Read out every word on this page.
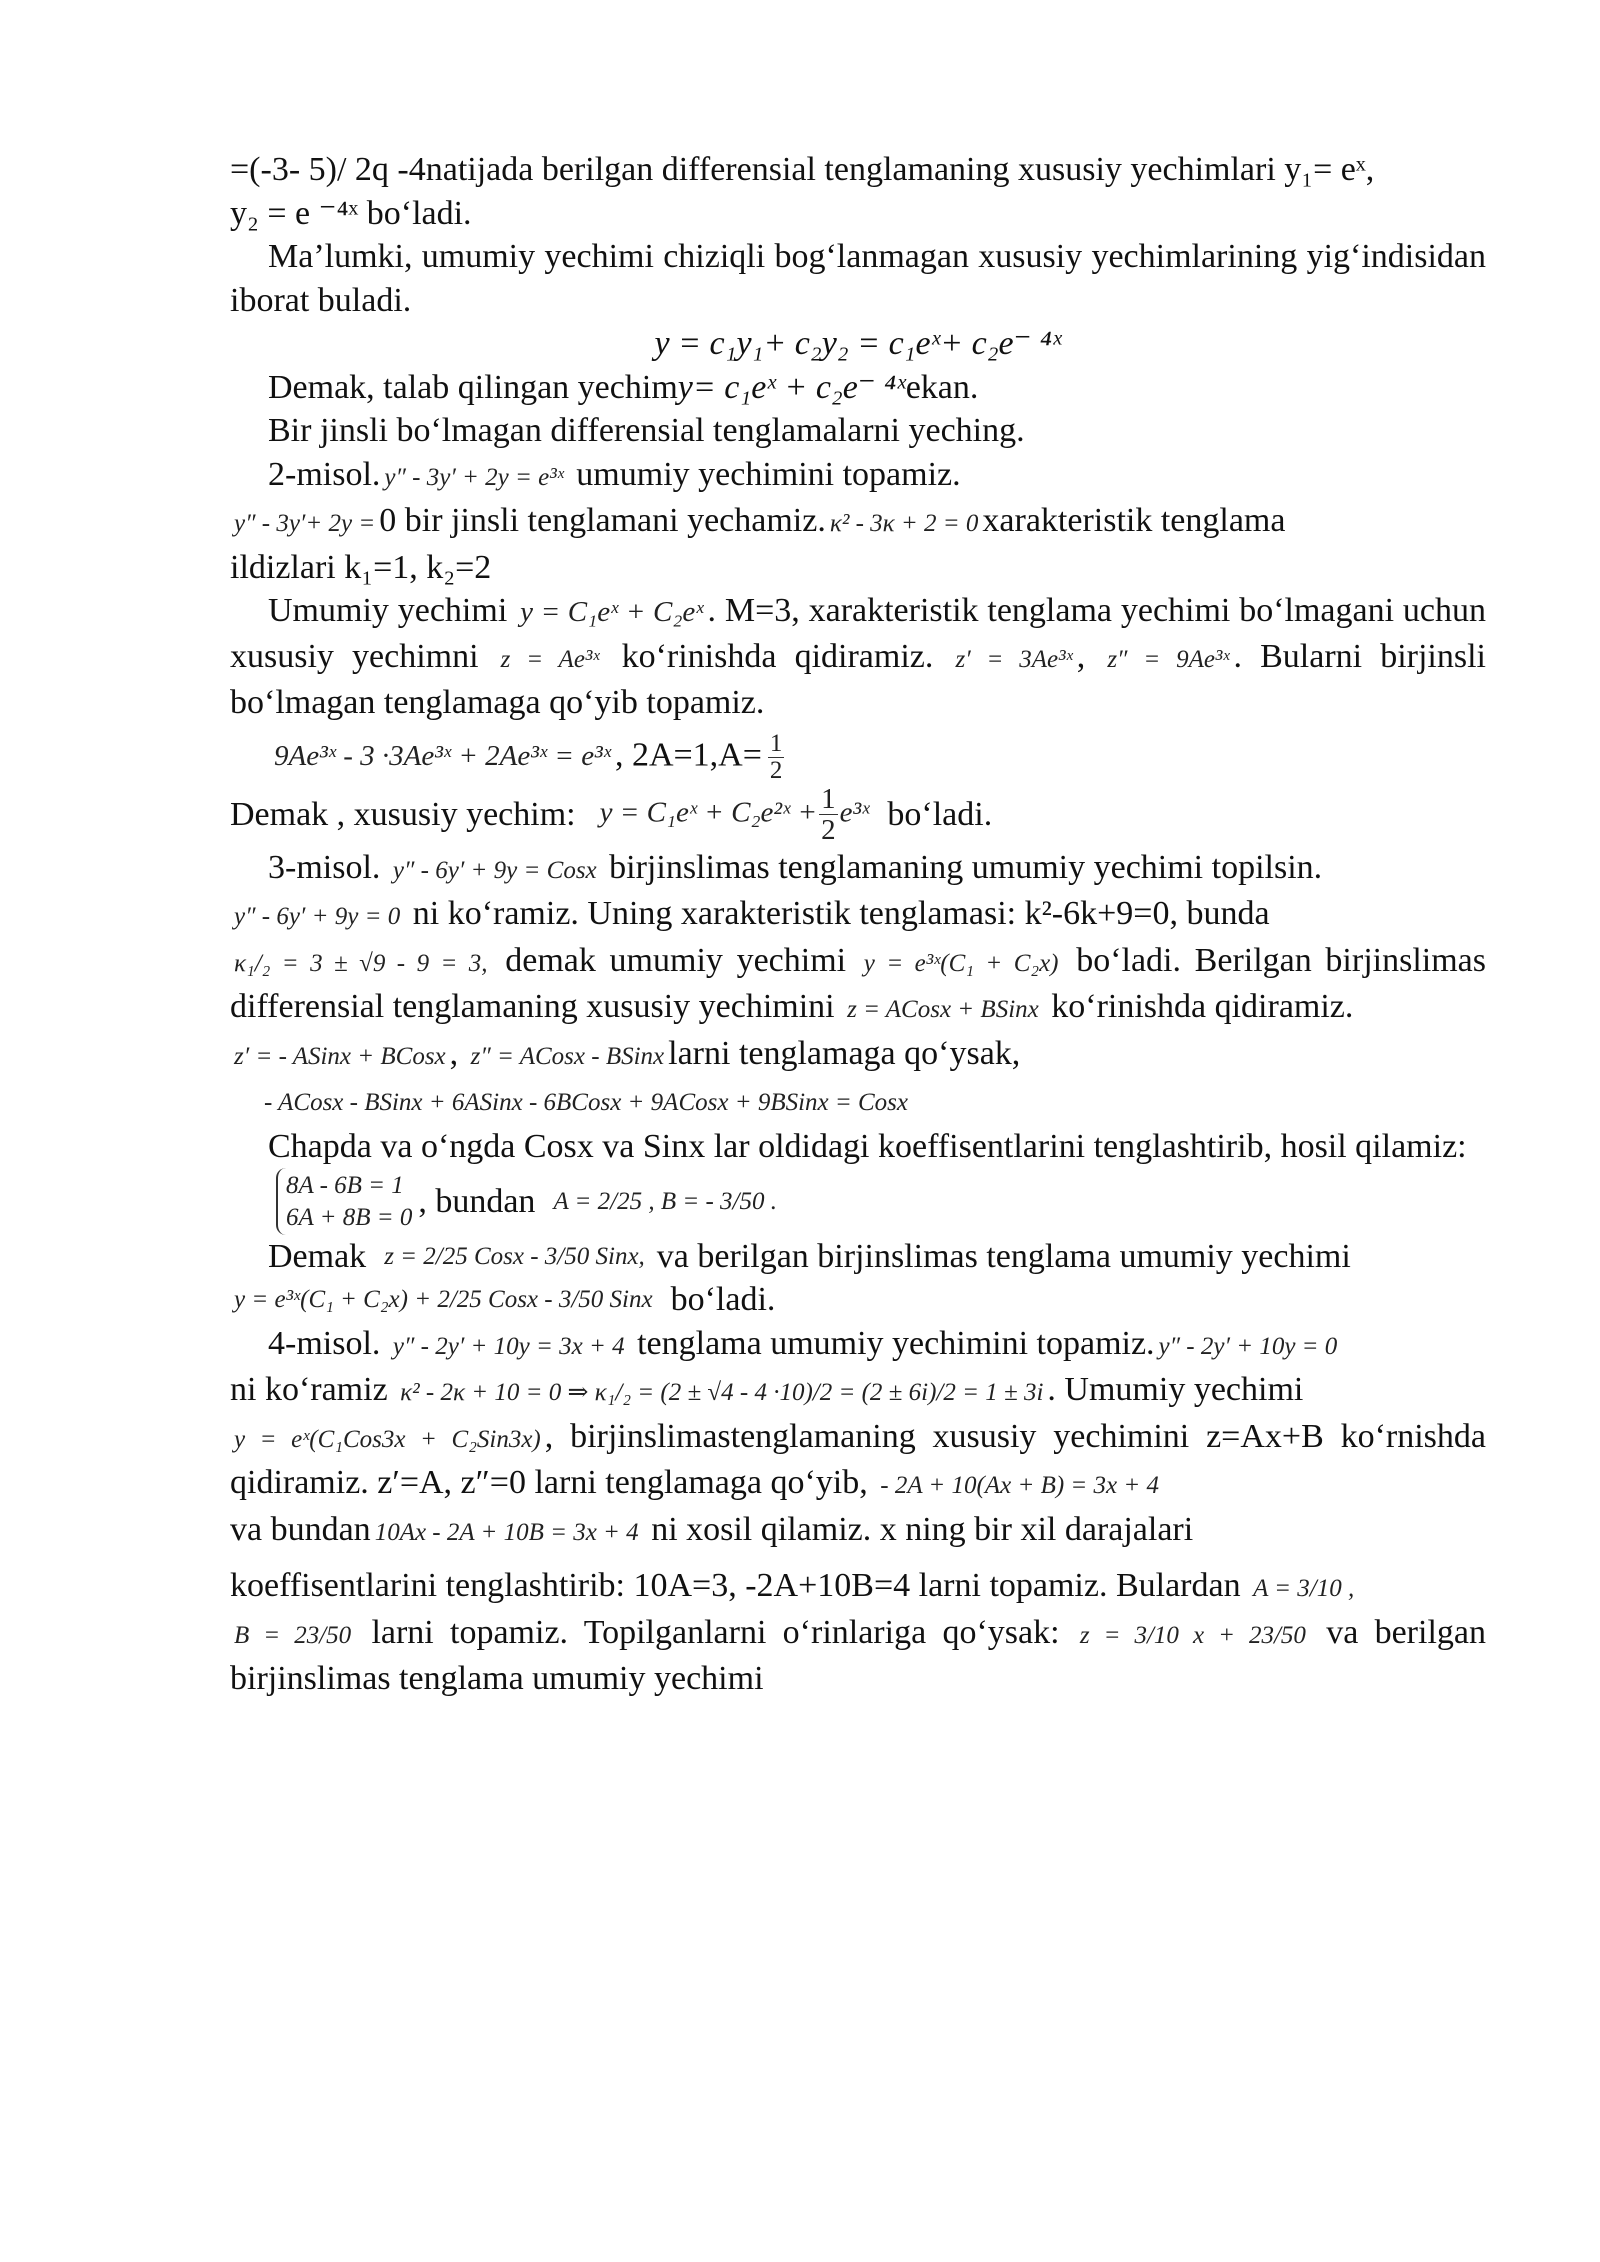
=(-3- 5)/ 2q -4natijada berilgan differensial tenglamaning xususiy yechimlari y₁= eˣ,

y₂ = e ⁻⁴ˣ bo‘ladi.

Ma’lumki, umumiy yechimi chiziqli bog‘lanmagan xususiy yechimlarining yig‘indisidan iborat buladi.

y = c₁y₁+ c₂y₂ = c₁eˣ+ c₂e⁻ ⁴ˣ

Demak, talab qilingan yechimy= c₁eˣ + c₂e⁻ ⁴ˣekan.

Bir jinsli bo‘lmagan differensial tenglamalarni yeching.

2-misol. y″ - 3y′ + 2y = e³ˣ umumiy yechimini topamiz.

y″ - 3y′+ 2y = 0 bir jinsli tenglamani yechamiz. κ² - 3κ + 2 = 0 xarakteristik tenglama

ildizlari k₁=1, k₂=2

Umumiy yechimi y = C₁eˣ + C₂eˣ . M=3, xarakteristik tenglama yechimi bo‘lmagani uchun xususiy yechimni z = Ae³ˣ ko‘rinishda qidiramiz. z′ = 3Ae³ˣ , z″ = 9Ae³ˣ . Bularni birjinsli bo‘lmagan tenglamaga qo‘yib topamiz.

9Ae³ˣ - 3 ·3Ae³ˣ + 2Ae³ˣ = e³ˣ , $2A=1,A= \frac{1}{2}$

Demak , xususiy yechim: y = C₁eˣ + C₂e²ˣ + $\frac{1}{2}$ e³ˣ bo‘ladi.

3-misol. y″ - 6y′ + 9y = Cosx birjinslimas tenglamaning umumiy yechimi topilsin.

y″ - 6y′ + 9y = 0 ni ko‘ramiz. Uning xarakteristik tenglamasi: k²-6k+9=0, bunda

κ₁/₂ = 3 ± √9 - 9 = 3, demak umumiy yechimi y = e³ˣ(C₁ + C₂x) bo‘ladi. Berilgan birjinslimas differensial tenglamaning xususiy yechimini z = ACosx + BSinx ko‘rinishda qidiramiz.

z′ = - ASinx + BCosx , z″ = ACosx - BSinx larni tenglamaga qo‘ysak,

- ACosx - BSinx + 6ASinx - 6BCosx + 9ACosx + 9BSinx = Cosx

Chapda va o‘ngda Cosx va Sinx lar oldidagi koeffisentlarini tenglashtirib, hosil qilamiz:

8A - 6B = 1
6A + 8B = 0 , bundan A = 2/25 , B = - 3/50 .
Demak z = 2/25 Cosx - 3/50 Sinx, va berilgan birjinslimas tenglama umumiy yechimi
y = e³ˣ(C₁ + C₂x) + 2/25 Cosx - 3/50 Sinx bo‘ladi.

4-misol. y″ - 2y′ + 10y = 3x + 4 tenglama umumiy yechimini topamiz. y″ - 2y′ + 10y = 0

ni ko‘ramiz κ² - 2κ + 10 = 0 ⇒ κ₁/₂ = (2 ± √4 - 4 ·10)/2 = (2 ± 6i)/2 = 1 ± 3i . Umumiy yechimi

y = eˣ(C₁Cos3x + C₂Sin3x) , birjinslimastenglamaning xususiy yechimini z=Ax+B ko‘rnishda qidiramiz. z′=A, z″=0 larni tenglamaga qo‘yib, - 2A + 10(Ax + B) = 3x + 4

va bundan 10Ax - 2A + 10B = 3x + 4 ni xosil qilamiz. x ning bir xil darajalari

koeffisentlarini tenglashtirib: 10A=3, -2A+10B=4 larni topamiz. Bulardan A = 3/10 ,

B = 23/50 larni topamiz. Topilganlarni o‘rinlariga qo‘ysak: z = 3/10 x + 23/50 va berilgan birjinslimas tenglama umumiy yechimi
